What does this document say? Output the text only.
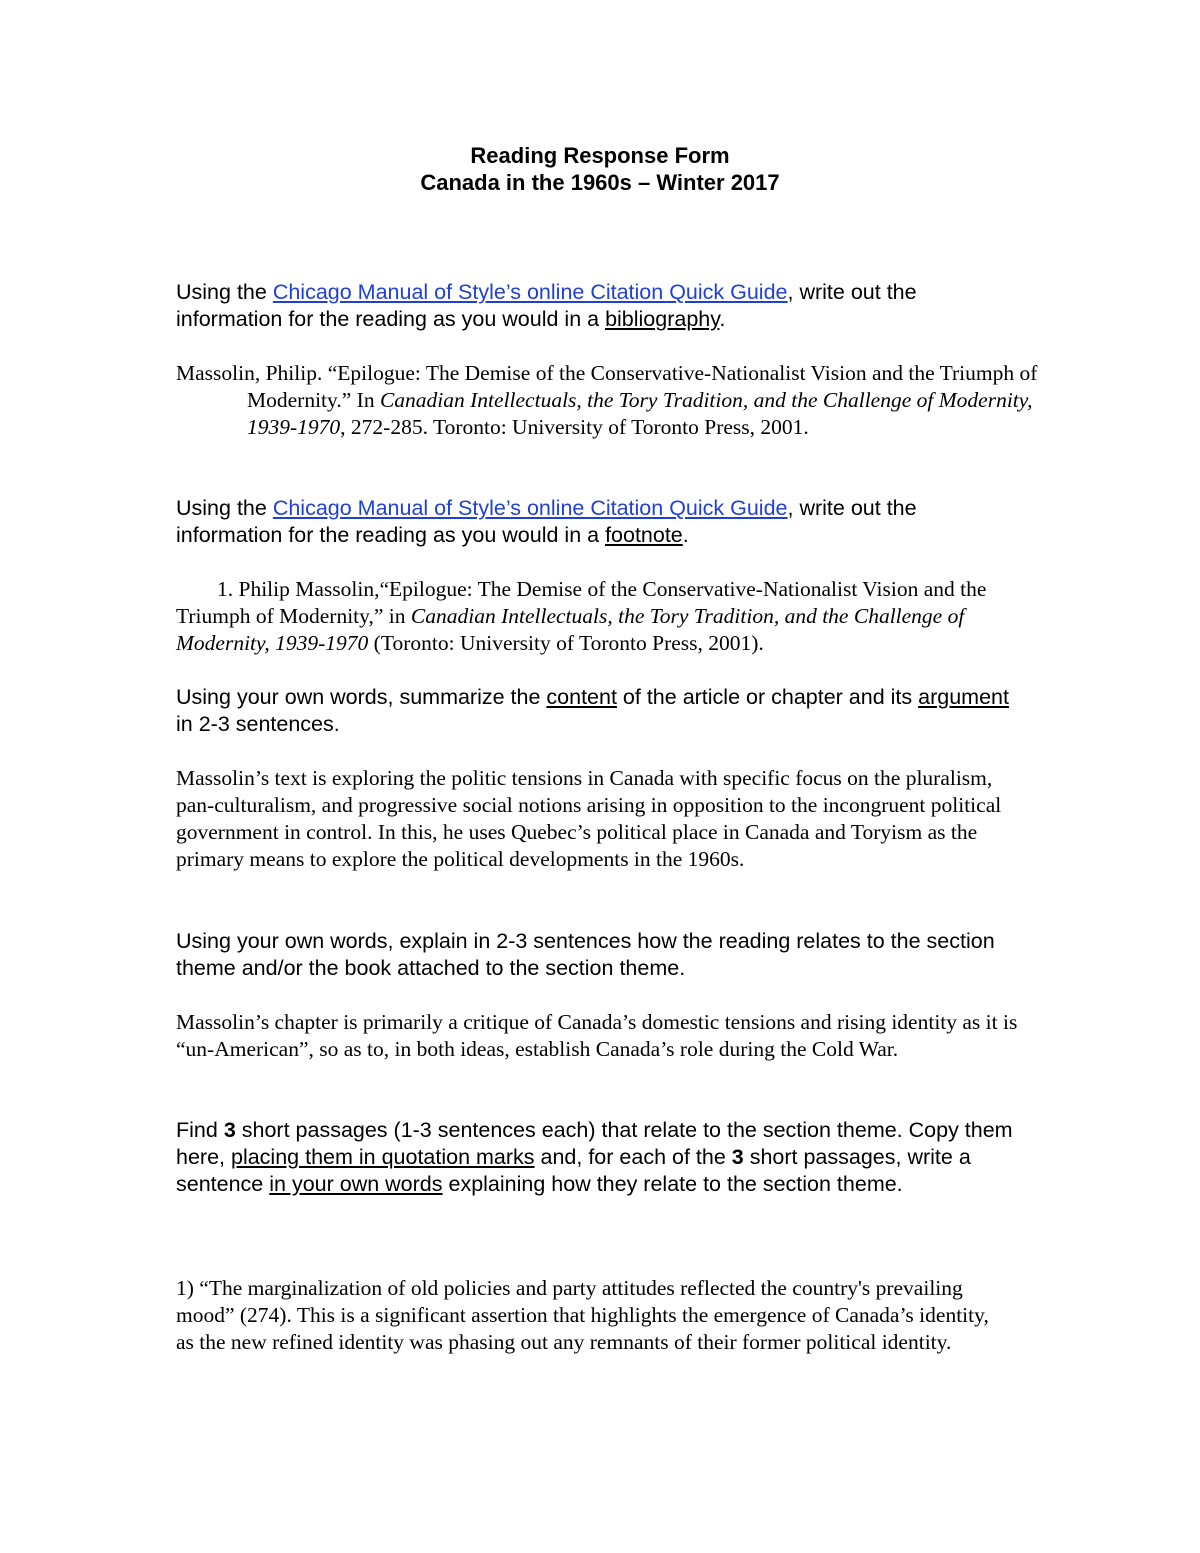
Reading Response Form
Canada in the 1960s – Winter 2017

Using the Chicago Manual of Style’s online Citation Quick Guide, write out the information for the reading as you would in a bibliography.

Massolin, Philip. “Epilogue: The Demise of the Conservative-Nationalist Vision and the Triumph of Modernity.” In Canadian Intellectuals, the Tory Tradition, and the Challenge of Modernity, 1939-1970, 272-285. Toronto: University of Toronto Press, 2001.

Using the Chicago Manual of Style’s online Citation Quick Guide, write out the information for the reading as you would in a footnote.

1. Philip Massolin,“Epilogue: The Demise of the Conservative-Nationalist Vision and the Triumph of Modernity,” in Canadian Intellectuals, the Tory Tradition, and the Challenge of Modernity, 1939-1970 (Toronto: University of Toronto Press, 2001).

Using your own words, summarize the content of the article or chapter and its argument in 2-3 sentences.

Massolin’s text is exploring the politic tensions in Canada with specific focus on the pluralism, pan-culturalism, and progressive social notions arising in opposition to the incongruent political government in control. In this, he uses Quebec’s political place in Canada and Toryism as the primary means to explore the political developments in the 1960s.

Using your own words, explain in 2-3 sentences how the reading relates to the section theme and/or the book attached to the section theme.

Massolin’s chapter is primarily a critique of Canada’s domestic tensions and rising identity as it is “un-American”, so as to, in both ideas, establish Canada’s role during the Cold War.

Find 3 short passages (1-3 sentences each) that relate to the section theme. Copy them here, placing them in quotation marks and, for each of the 3 short passages, write a sentence in your own words explaining how they relate to the section theme.

1) “The marginalization of old policies and party attitudes reflected the country's prevailing mood” (274). This is a significant assertion that highlights the emergence of Canada’s identity, as the new refined identity was phasing out any remnants of their former political identity.
